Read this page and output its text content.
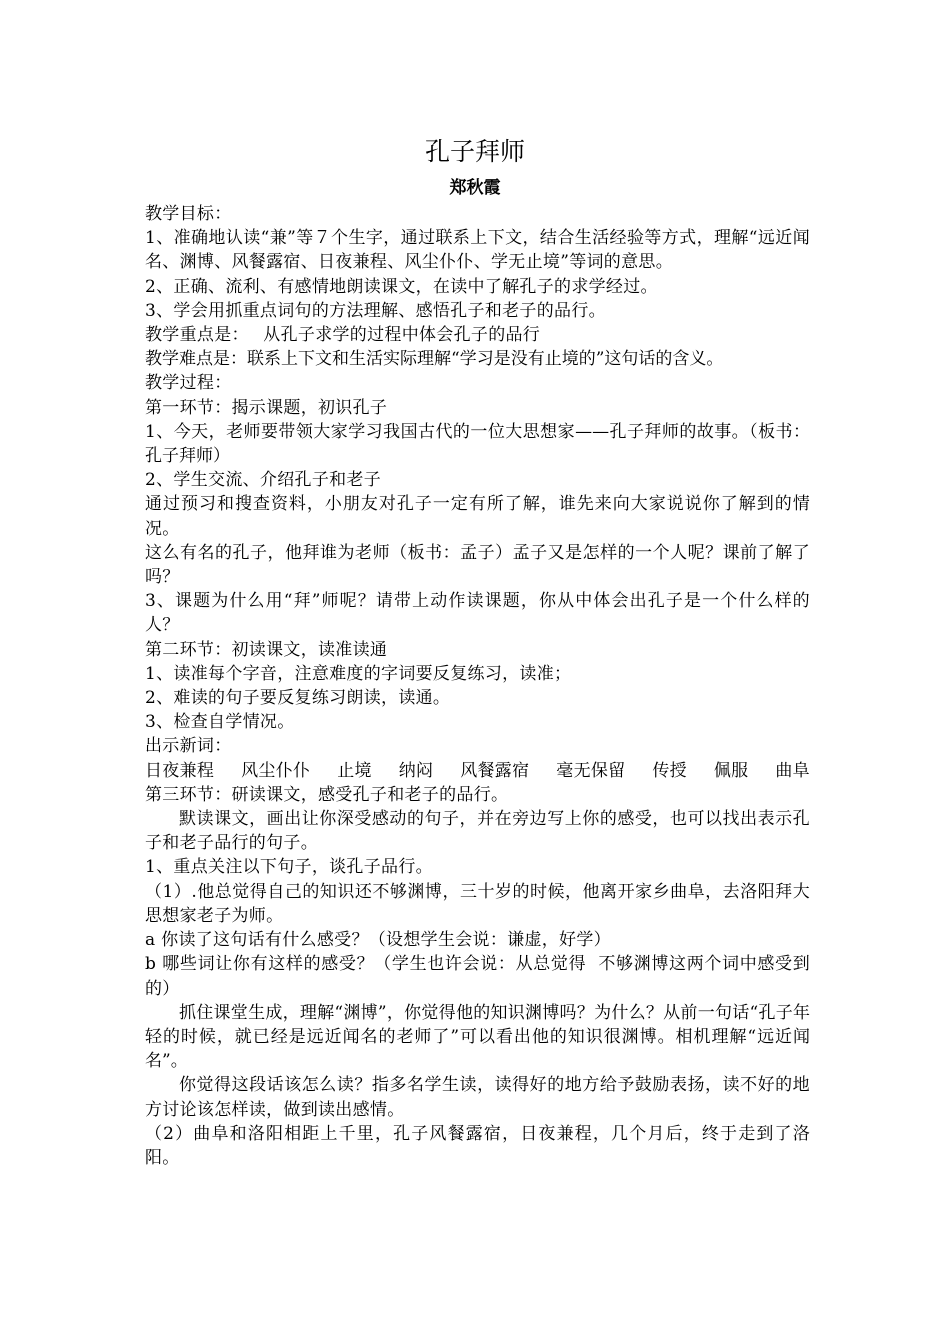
孔子拜师
郑秋霞

教学目标：

1、准确地认读“兼”等７个生字，通过联系上下文，结合生活经验等方式，理解“远近闻名、渊博、风餐露宿、日夜兼程、风尘仆仆、学无止境”等词的意思。

2、正确、流利、有感情地朗读课文，在读中了解孔子的求学经过。

3、学会用抓重点词句的方法理解、感悟孔子和老子的品行。

教学重点是：　 从孔子求学的过程中体会孔子的品行

教学难点是：联系上下文和生活实际理解“学习是没有止境的”这句话的含义。

教学过程：

第一环节：揭示课题，初识孔子

1、今天，老师要带领大家学习我国古代的一位大思想家——孔子拜师的故事。（板书：孔子拜师）

2、学生交流、介绍孔子和老子

通过预习和搜查资料，小朋友对孔子一定有所了解，谁先来向大家说说你了解到的情况。

这么有名的孔子，他拜谁为老师（板书：孟子）孟子又是怎样的一个人呢？课前了解了吗？

3、课题为什么用“拜”师呢？请带上动作读课题，你从中体会出孔子是一个什么样的人？

第二环节：初读课文，读准读通

1、读准每个字音，注意难度的字词要反复练习，读准；

2、难读的句子要反复练习朗读，读通。

3、检查自学情况。

出示新词：

日夜兼程 风尘仆仆 止境 纳闷 风餐露宿 毫无保留 传授 佩服 曲阜

第三环节：研读课文，感受孔子和老子的品行。

默读课文，画出让你深受感动的句子，并在旁边写上你的感受，也可以找出表示孔子和老子品行的句子。

1、重点关注以下句子，谈孔子品行。

（1）.他总觉得自己的知识还不够渊博，三十岁的时候，他离开家乡曲阜，去洛阳拜大思想家老子为师。

a 你读了这句话有什么感受？（设想学生会说：谦虚，好学）

b 哪些词让你有这样的感受？（学生也许会说：从总觉得  不够渊博这两个词中感受到的）

抓住课堂生成，理解“渊博”，你觉得他的知识渊博吗？为什么？从前一句话“孔子年轻的时候，就已经是远近闻名的老师了”可以看出他的知识很渊博。相机理解“远近闻名”。

你觉得这段话该怎么读？指多名学生读，读得好的地方给予鼓励表扬，读不好的地方讨论该怎样读，做到读出感情。

（2）曲阜和洛阳相距上千里，孔子风餐露宿，日夜兼程，几个月后，终于走到了洛阳。
